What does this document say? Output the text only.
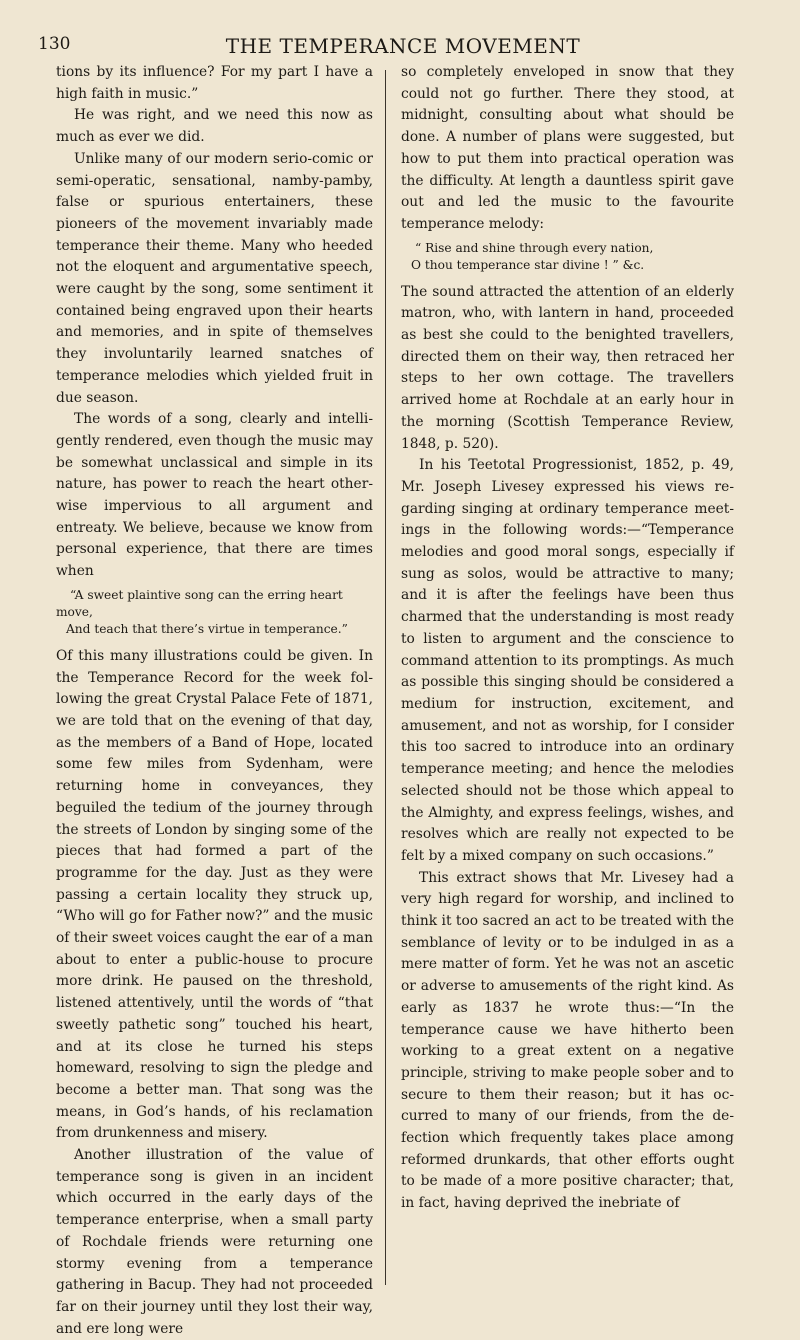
130	THE TEMPERANCE MOVEMENT

tions by its influence? For my part I have a high faith in music.”

He was right, and we need this now as much as ever we did.

Unlike many of our modern serio-comic or semi-operatic, sensational, namby-pamby, false or spurious entertainers, these pioneers of the movement invariably made temperance their theme. Many who heeded not the eloquent and argumentative speech, were caught by the song, some sentiment it contained being engraved upon their hearts and memories, and in spite of themselves they involuntarily learned snatches of temperance melodies which yielded fruit in due season.

The words of a song, clearly and intelligently rendered, even though the music may be somewhat unclassical and simple in its nature, has power to reach the heart otherwise impervious to all argument and entreaty. We believe, because we know from personal experience, that there are times when

“A sweet plaintive song can the erring heart move,
And teach that there’s virtue in temperance.”

Of this many illustrations could be given. In the Temperance Record for the week following the great Crystal Palace Fete of 1871, we are told that on the evening of that day, as the members of a Band of Hope, located some few miles from Sydenham, were returning home in conveyances, they beguiled the tedium of the journey through the streets of London by singing some of the pieces that had formed a part of the programme for the day. Just as they were passing a certain locality they struck up, “Who will go for Father now?” and the music of their sweet voices caught the ear of a man about to enter a public-house to procure more drink. He paused on the threshold, listened attentively, until the words of “that sweetly pathetic song” touched his heart, and at its close he turned his steps homeward, resolving to sign the pledge and become a better man. That song was the means, in God’s hands, of his reclamation from drunkenness and misery.

Another illustration of the value of temperance song is given in an incident which occurred in the early days of the temperance enterprise, when a small party of Rochdale friends were returning one stormy evening from a temperance gathering in Bacup. They had not proceeded far on their journey until they lost their way, and ere long were

so completely enveloped in snow that they could not go further. There they stood, at midnight, consulting about what should be done. A number of plans were suggested, but how to put them into practical operation was the difficulty. At length a dauntless spirit gave out and led the music to the favourite temperance melody:

“ Rise and shine through every nation,
O thou temperance star divine ! ” &c.

The sound attracted the attention of an elderly matron, who, with lantern in hand, proceeded as best she could to the benighted travellers, directed them on their way, then retraced her steps to her own cottage. The travellers arrived home at Rochdale at an early hour in the morning (Scottish Temperance Review, 1848, p. 520).

In his Teetotal Progressionist, 1852, p. 49, Mr. Joseph Livesey expressed his views regarding singing at ordinary temperance meetings in the following words:—“Temperance melodies and good moral songs, especially if sung as solos, would be attractive to many; and it is after the feelings have been thus charmed that the understanding is most ready to listen to argument and the conscience to command attention to its promptings. As much as possible this singing should be considered a medium for instruction, excitement, and amusement, and not as worship, for I consider this too sacred to introduce into an ordinary temperance meeting; and hence the melodies selected should not be those which appeal to the Almighty, and express feelings, wishes, and resolves which are really not expected to be felt by a mixed company on such occasions.”

This extract shows that Mr. Livesey had a very high regard for worship, and inclined to think it too sacred an act to be treated with the semblance of levity or to be indulged in as a mere matter of form. Yet he was not an ascetic or adverse to amusements of the right kind. As early as 1837 he wrote thus:—“In the temperance cause we have hitherto been working to a great extent on a negative principle, striving to make people sober and to secure to them their reason; but it has occurred to many of our friends, from the defection which frequently takes place among reformed drunkards, that other efforts ought to be made of a more positive character; that, in fact, having deprived the inebriate of
